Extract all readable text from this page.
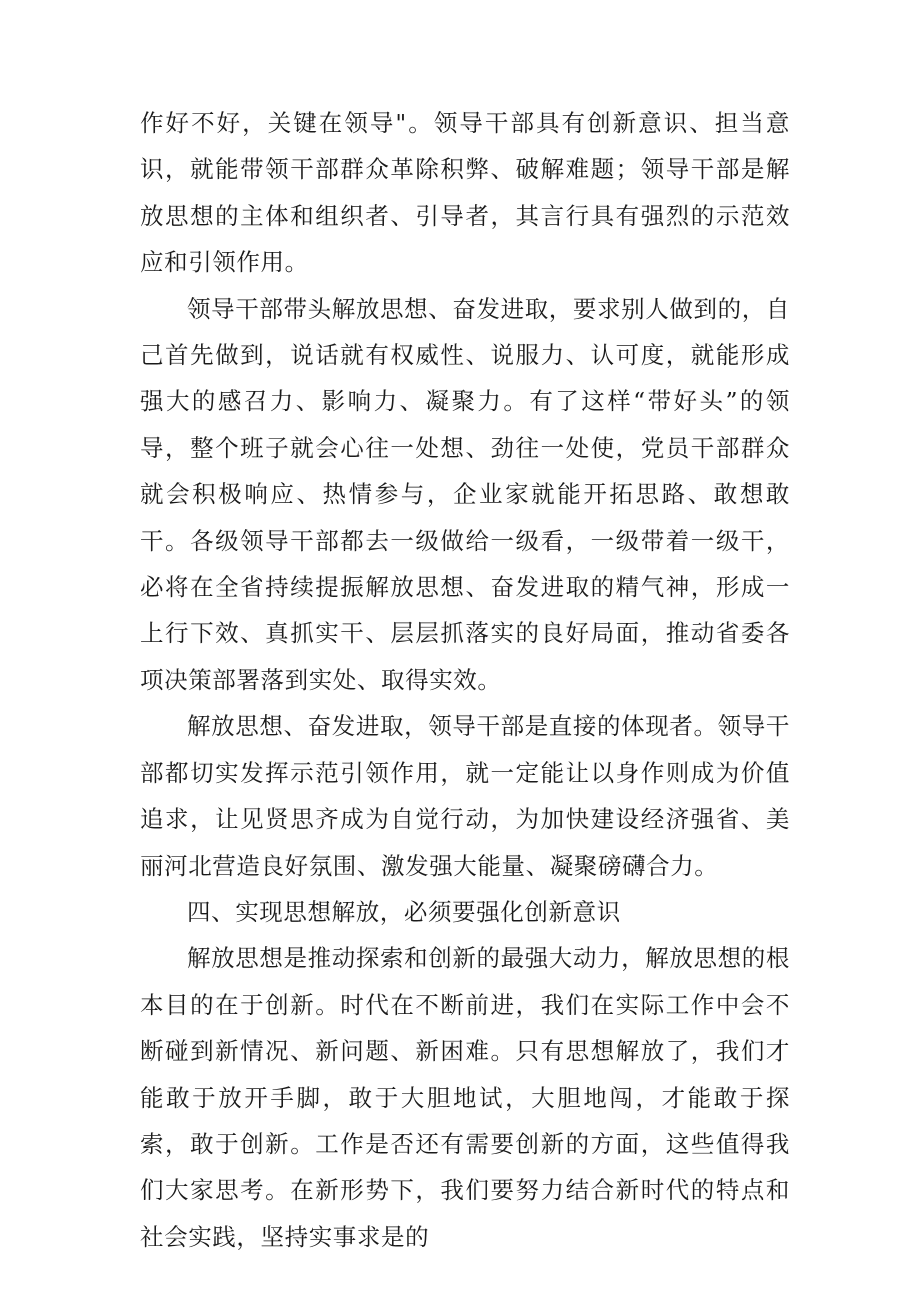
作好不好，关键在领导"。领导干部具有创新意识、担当意识，就能带领干部群众革除积弊、破解难题；领导干部是解放思想的主体和组织者、引导者，其言行具有强烈的示范效应和引领作用。

领导干部带头解放思想、奋发进取，要求别人做到的，自己首先做到，说话就有权威性、说服力、认可度，就能形成强大的感召力、影响力、凝聚力。有了这样“带好头”的领导，整个班子就会心往一处想、劲往一处使，党员干部群众就会积极响应、热情参与，企业家就能开拓思路、敢想敢干。各级领导干部都去一级做给一级看，一级带着一级干，必将在全省持续提振解放思想、奋发进取的精气神，形成一上行下效、真抓实干、层层抓落实的良好局面，推动省委各项决策部署落到实处、取得实效。

解放思想、奋发进取，领导干部是直接的体现者。领导干部都切实发挥示范引领作用，就一定能让以身作则成为价值追求，让见贤思齐成为自觉行动，为加快建设经济强省、美丽河北营造良好氛围、激发强大能量、凝聚磅礴合力。

四、实现思想解放，必须要强化创新意识

解放思想是推动探索和创新的最强大动力，解放思想的根本目的在于创新。时代在不断前进，我们在实际工作中会不断碰到新情况、新问题、新困难。只有思想解放了，我们才能敢于放开手脚，敢于大胆地试，大胆地闯，才能敢于探索，敢于创新。工作是否还有需要创新的方面，这些值得我们大家思考。在新形势下，我们要努力结合新时代的特点和社会实践，坚持实事求是的
